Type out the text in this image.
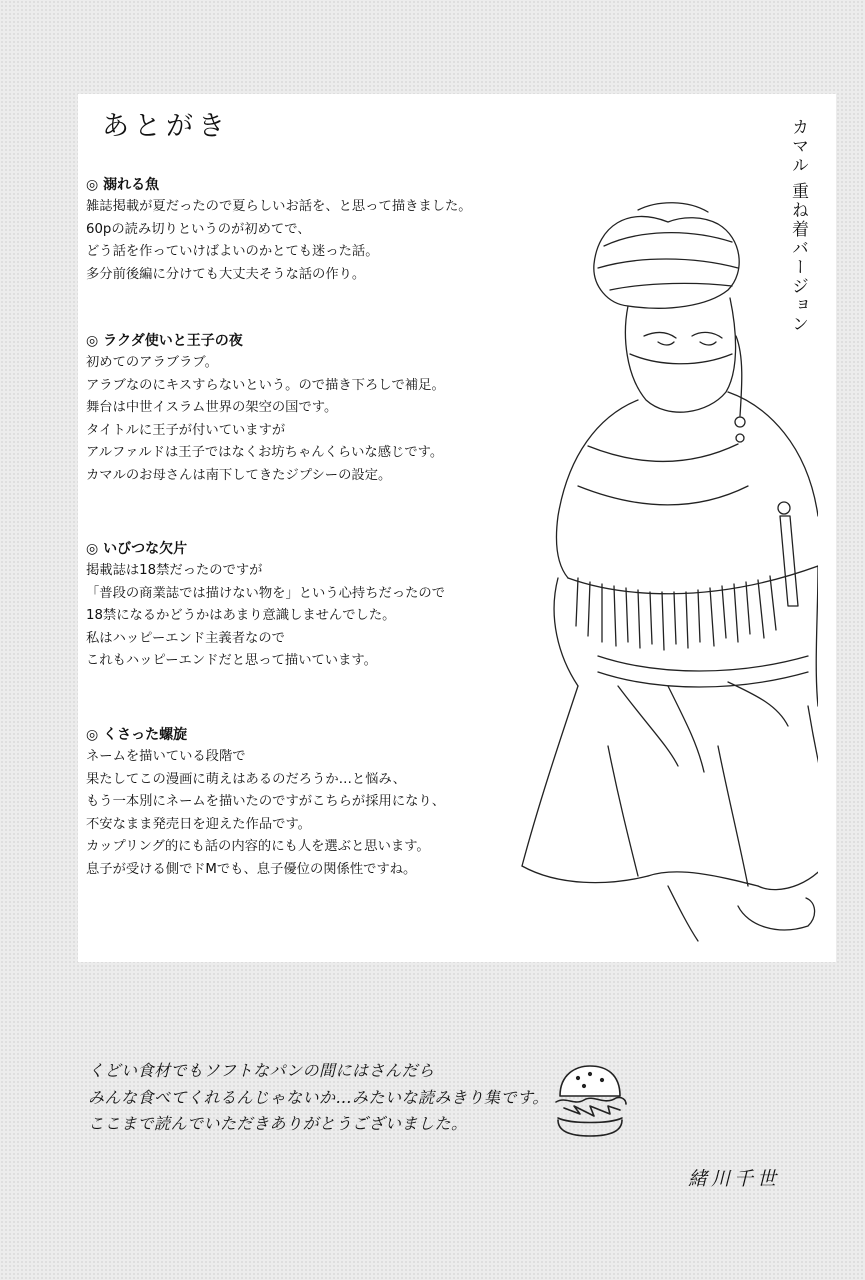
あとがき
◎ 溺れる魚
雑誌掲載が夏だったので夏らしいお話を、と思って描きました。
60pの読み切りというのが初めてで、
どう話を作っていけばよいのかとても迷った話。
多分前後編に分けても大丈夫そうな話の作り。
◎ ラクダ使いと王子の夜
初めてのアラブラブ。
アラブなのにキスすらないという。ので描き下ろしで補足。
舞台は中世イスラム世界の架空の国です。
タイトルに王子が付いていますが
アルファルドは王子ではなくお坊ちゃんくらいな感じです。
カマルのお母さんは南下してきたジプシーの設定。
◎ いびつな欠片
掲載誌は18禁だったのですが
「普段の商業誌では描けない物を」という心持ちだったので
18禁になるかどうかはあまり意識しませんでした。
私はハッピーエンド主義者なので
これもハッピーエンドだと思って描いています。
◎ くさった螺旋
ネームを描いている段階で
果たしてこの漫画に萌えはあるのだろうか…と悩み、
もう一本別にネームを描いたのですがこちらが採用になり、
不安なまま発売日を迎えた作品です。
カップリング的にも話の内容的にも人を選ぶと思います。
息子が受ける側でドMでも、息子優位の関係性ですね。
カマル 重ね着バージョン
くどい食材でもソフトなパンの間にはさんだら
みんな食べてくれるんじゃないか…みたいな読みきり集です。
ここまで読んでいただきありがとうございました。
緒川千世
